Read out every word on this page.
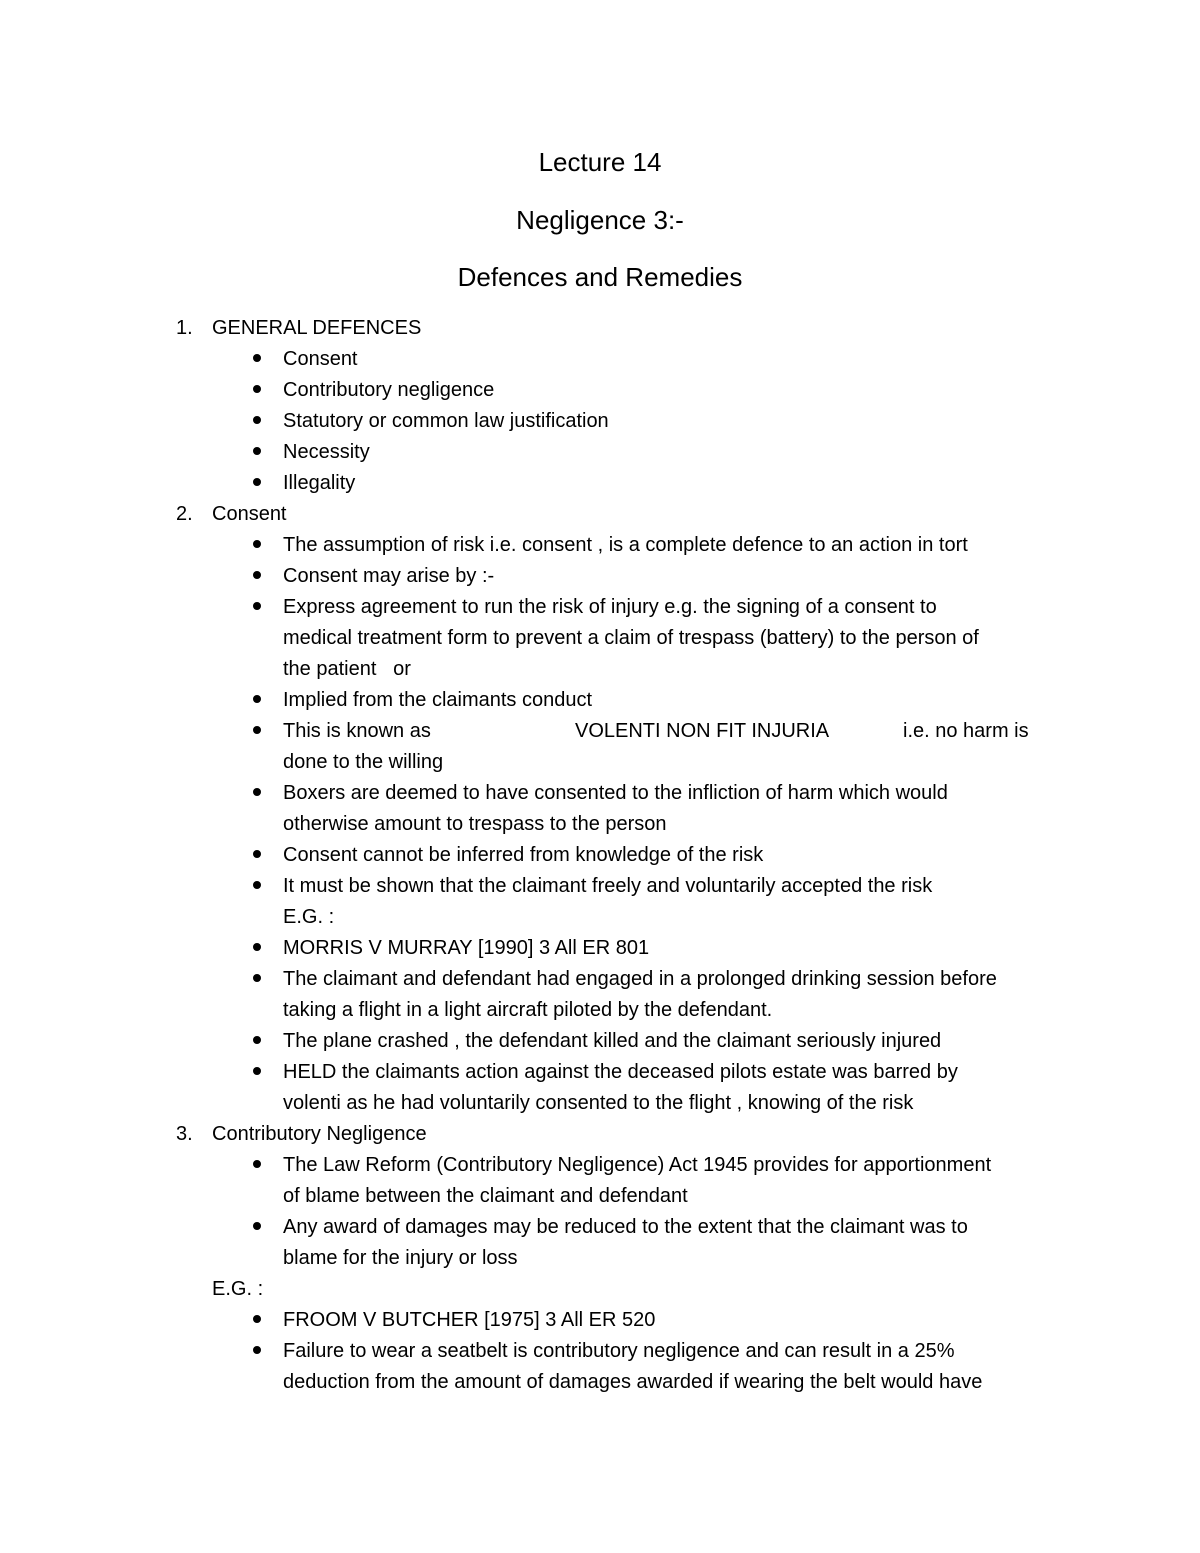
Lecture 14
Negligence 3:-
Defences and Remedies
1. GENERAL DEFENCES
Consent
Contributory negligence
Statutory or common law justification
Necessity
Illegality
2. Consent
The assumption of risk i.e. consent , is a complete defence to an action in tort
Consent may arise by :-
Express agreement to run the risk of injury e.g. the signing of a consent to
medical treatment form to prevent a claim of trespass (battery) to the person of
the patient   or
Implied from the claimants conduct
This is known as	VOLENTI NON FIT INJURIA	i.e. no harm is
done to the willing
Boxers are deemed to have consented to the infliction of harm which would
otherwise amount to trespass to the person
Consent cannot be inferred from knowledge of the risk
It must be shown that the claimant freely and voluntarily accepted the risk
E.G. :
MORRIS V MURRAY [1990] 3 All ER 801
The claimant and defendant had engaged in a prolonged drinking session before
taking a flight in a light aircraft piloted by the defendant.
The plane crashed , the defendant killed and the claimant seriously injured
HELD the claimants action against the deceased pilots estate was barred by
volenti as he had voluntarily consented to the flight , knowing of the risk
3. Contributory Negligence
The Law Reform (Contributory Negligence) Act 1945 provides for apportionment
of blame between the claimant and defendant
Any award of damages may be reduced to the extent that the claimant was to
blame for the injury or loss
E.G. :
FROOM V BUTCHER [1975] 3 All ER 520
Failure to wear a seatbelt is contributory negligence and can result in a 25%
deduction from the amount of damages awarded if wearing the belt would have
